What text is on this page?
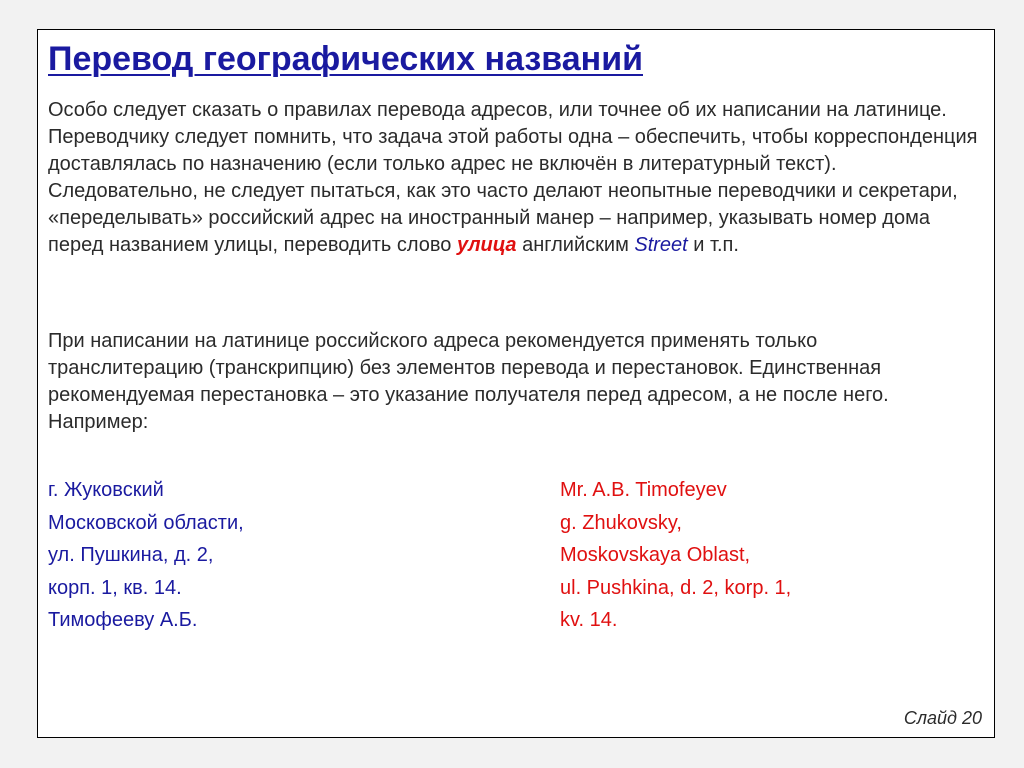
Перевод географических названий

Особо следует сказать о правилах перевода адресов, или точнее об их написании на латинице. Переводчику следует помнить, что задача этой работы одна – обеспечить, чтобы корреспонденция доставлялась по назначению (если только адрес не включён в литературный текст). Следовательно, не следует пытаться, как это часто делают неопытные переводчики и секретари, «переделывать» российский адрес на иностранный манер – например, указывать номер дома перед названием улицы, переводить слово улица английским Street и т.п.

При написании на латинице российского адреса рекомендуется применять только транслитерацию (транскрипцию) без элементов перевода и перестановок. Единственная рекомендуемая перестановка – это указание получателя перед адресом, а не после него. Например:

г. Жуковский
Московской области,
ул. Пушкина, д. 2,
корп. 1, кв. 14.
Тимофееву А.Б.
Mr. A.B. Timofeyev
g. Zhukovsky,
Moskovskaya Oblast,
ul. Pushkina, d. 2, korp. 1,
kv. 14.
Слайд 20
